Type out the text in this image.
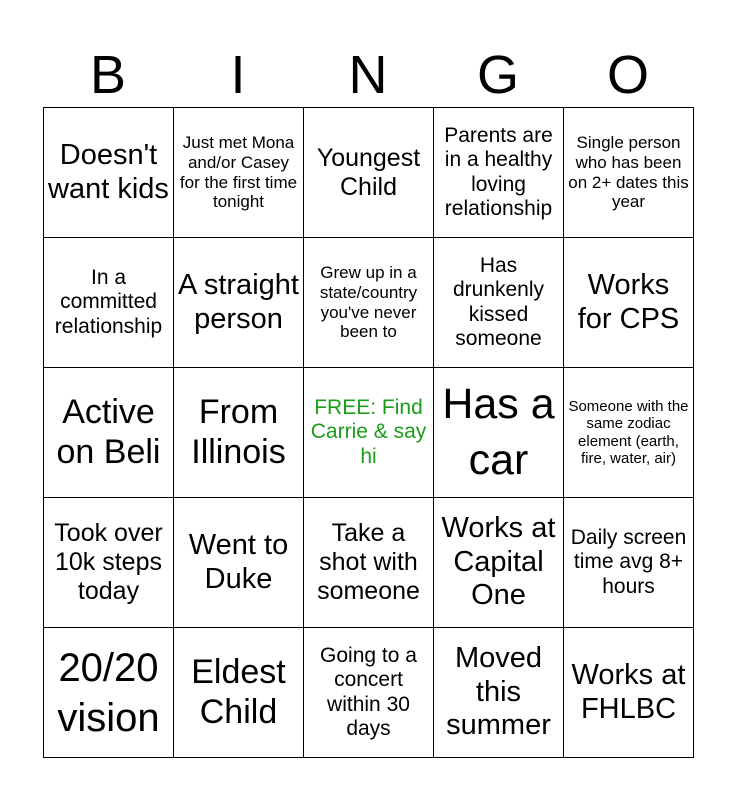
B	I	N	G	O
Doesn't want kids	Just met Mona and/or Casey for the first time tonight	Youngest Child	Parents are in a healthy loving relationship	Single person who has been on 2+ dates this year
In a committed relationship	A straight person	Grew up in a state/country you've never been to	Has drunkenly kissed someone	Works for CPS
Active on Beli	From Illinois	FREE: Find Carrie & say hi	Has a car	Someone with the same zodiac element (earth, fire, water, air)
Took over 10k steps today	Went to Duke	Take a shot with someone	Works at Capital One	Daily screen time avg 8+ hours
20/20 vision	Eldest Child	Going to a concert within 30 days	Moved this summer	Works at FHLBC
